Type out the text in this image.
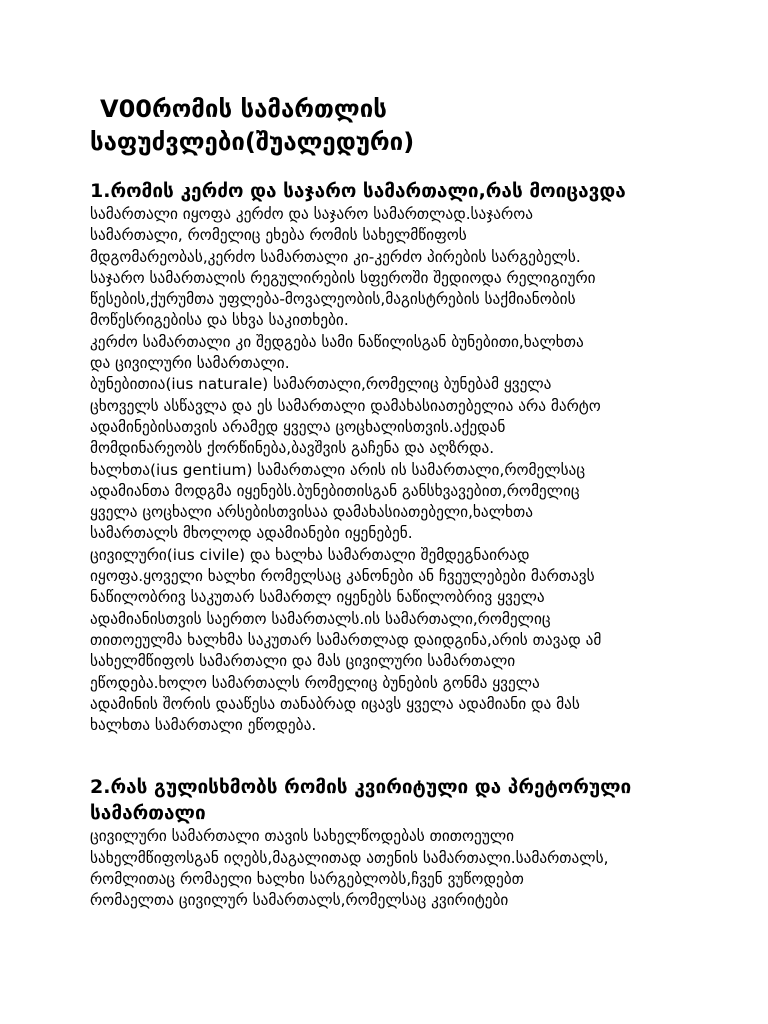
V00რომის სამართლის
საფუძვლები(შუალედური)
1.რომის კერძო და საჯარო სამართალი,რას მოიცავდა

სამართალი იყოფა კერძო და საჯარო სამართლად.საჯაროა
სამართალი, რომელიც ეხება რომის სახელმწიფოს
მდგომარეობას,კერძო სამართალი კი-კერძო პირების სარგებელს.
საჯარო სამართალის რეგულირების სფეროში შედიოდა რელიგიური
წესების,ქურუმთა უფლება-მოვალეობის,მაგისტრების საქმიანობის
მოწესრიგებისა და სხვა საკითხები.
კერძო სამართალი კი შედგება სამი ნაწილისგან ბუნებითი,ხალხთა
და ცივილური სამართალი.
ბუნებითია(ius naturale) სამართალი,რომელიც ბუნებამ ყველა
ცხოველს ასწავლა და ეს სამართალი დამახასიათებელია არა მარტო
ადამინებისათვის არამედ ყველა ცოცხალისთვის.აქედან
მომდინარეობს ქორწინება,ბავშვის გაჩენა და აღზრდა.
ხალხთა(ius gentium) სამართალი არის ის სამართალი,რომელსაც
ადამიანთა მოდგმა იყენებს.ბუნებითისგან განსხვავებით,რომელიც
ყველა ცოცხალი არსებისთვისაა დამახასიათებელი,ხალხთა
სამართალს მხოლოდ ადამიანები იყენებენ.
ცივილური(ius civile) და ხალხა სამართალი შემდეგნაირად
იყოფა.ყოველი ხალხი რომელსაც კანონები ან ჩვეულებები მართავს
ნაწილობრივ საკუთარ სამართლ იყენებს ნაწილობრივ ყველა
ადამიანისთვის საერთო სამართალს.ის სამართალი,რომელიც
თითოეულმა ხალხმა საკუთარ სამართლად დაიდგინა,არის თავად ამ
სახელმწიფოს სამართალი და მას ცივილური სამართალი
ეწოდება.ხოლო სამართალს რომელიც ბუნების გონმა ყველა
ადამინის შორის დააწესა თანაბრად იცავს ყველა ადამიანი და მას
ხალხთა სამართალი ეწოდება.

2.რას გულისხმობს რომის კვირიტული და პრეტორული
სამართალი

ცივილური სამართალი თავის სახელწოდებას თითოეული
სახელმწიფოსგან იღებს,მაგალითად ათენის სამართალი.სამართალს,
რომლითაც რომაელი ხალხი სარგებლობს,ჩვენ ვუწოდებთ
რომაელთა ცივილურ სამართალს,რომელსაც კვირიტები
